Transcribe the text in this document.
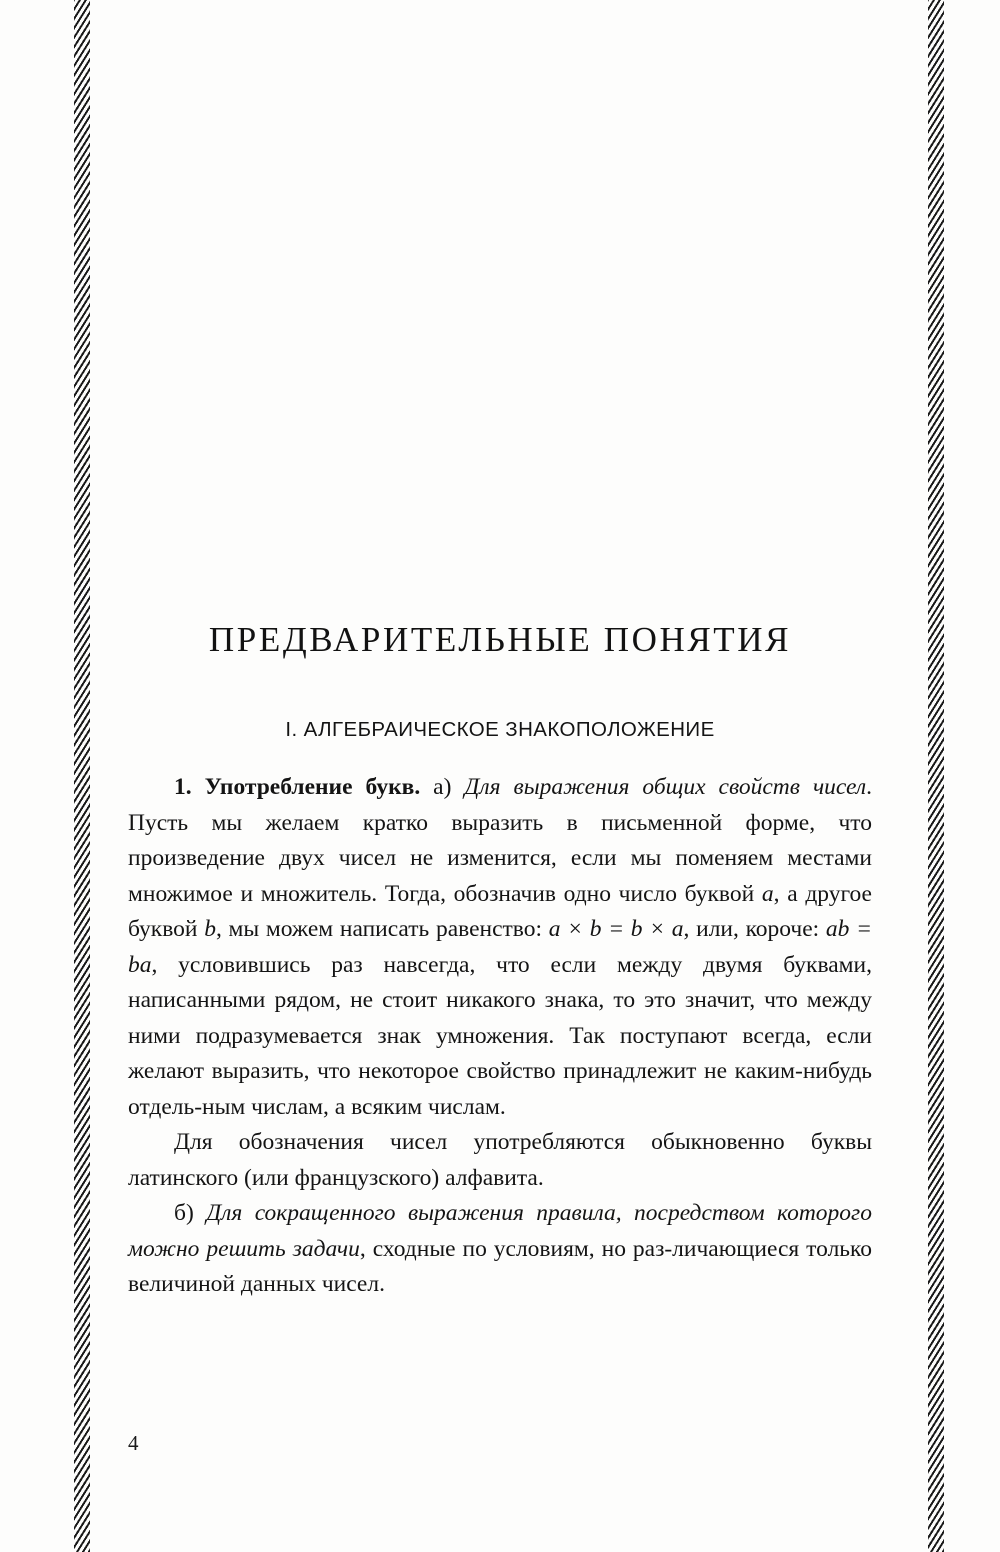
ПРЕДВАРИТЕЛЬНЫЕ ПОНЯТИЯ
I. АЛГЕБРАИЧЕСКОЕ ЗНАКОПОЛОЖЕНИЕ

1. Употребление букв. а) Для выражения общих свойств чисел. Пусть мы желаем кратко выразить в письменной форме, что произведение двух чисел не изменится, если мы поменяем местами множимое и множитель. Тогда, обозначив одно число буквой a, а другое буквой b, мы можем написать равенство: a × b = b × a, или, короче: ab = ba, условившись раз навсегда, что если между двумя буквами, написанными рядом, не стоит никакого знака, то это значит, что между ними подразумевается знак умножения. Так поступают всегда, если желают выразить, что некоторое свойство принадлежит не каким-нибудь отдель-ным числам, а всяким числам.

Для обозначения чисел употребляются обыкновенно буквы латинского (или французского) алфавита.

б) Для сокращенного выражения правила, посредством которого можно решить задачи, сходные по условиям, но раз-личающиеся только величиной данных чисел.

4
